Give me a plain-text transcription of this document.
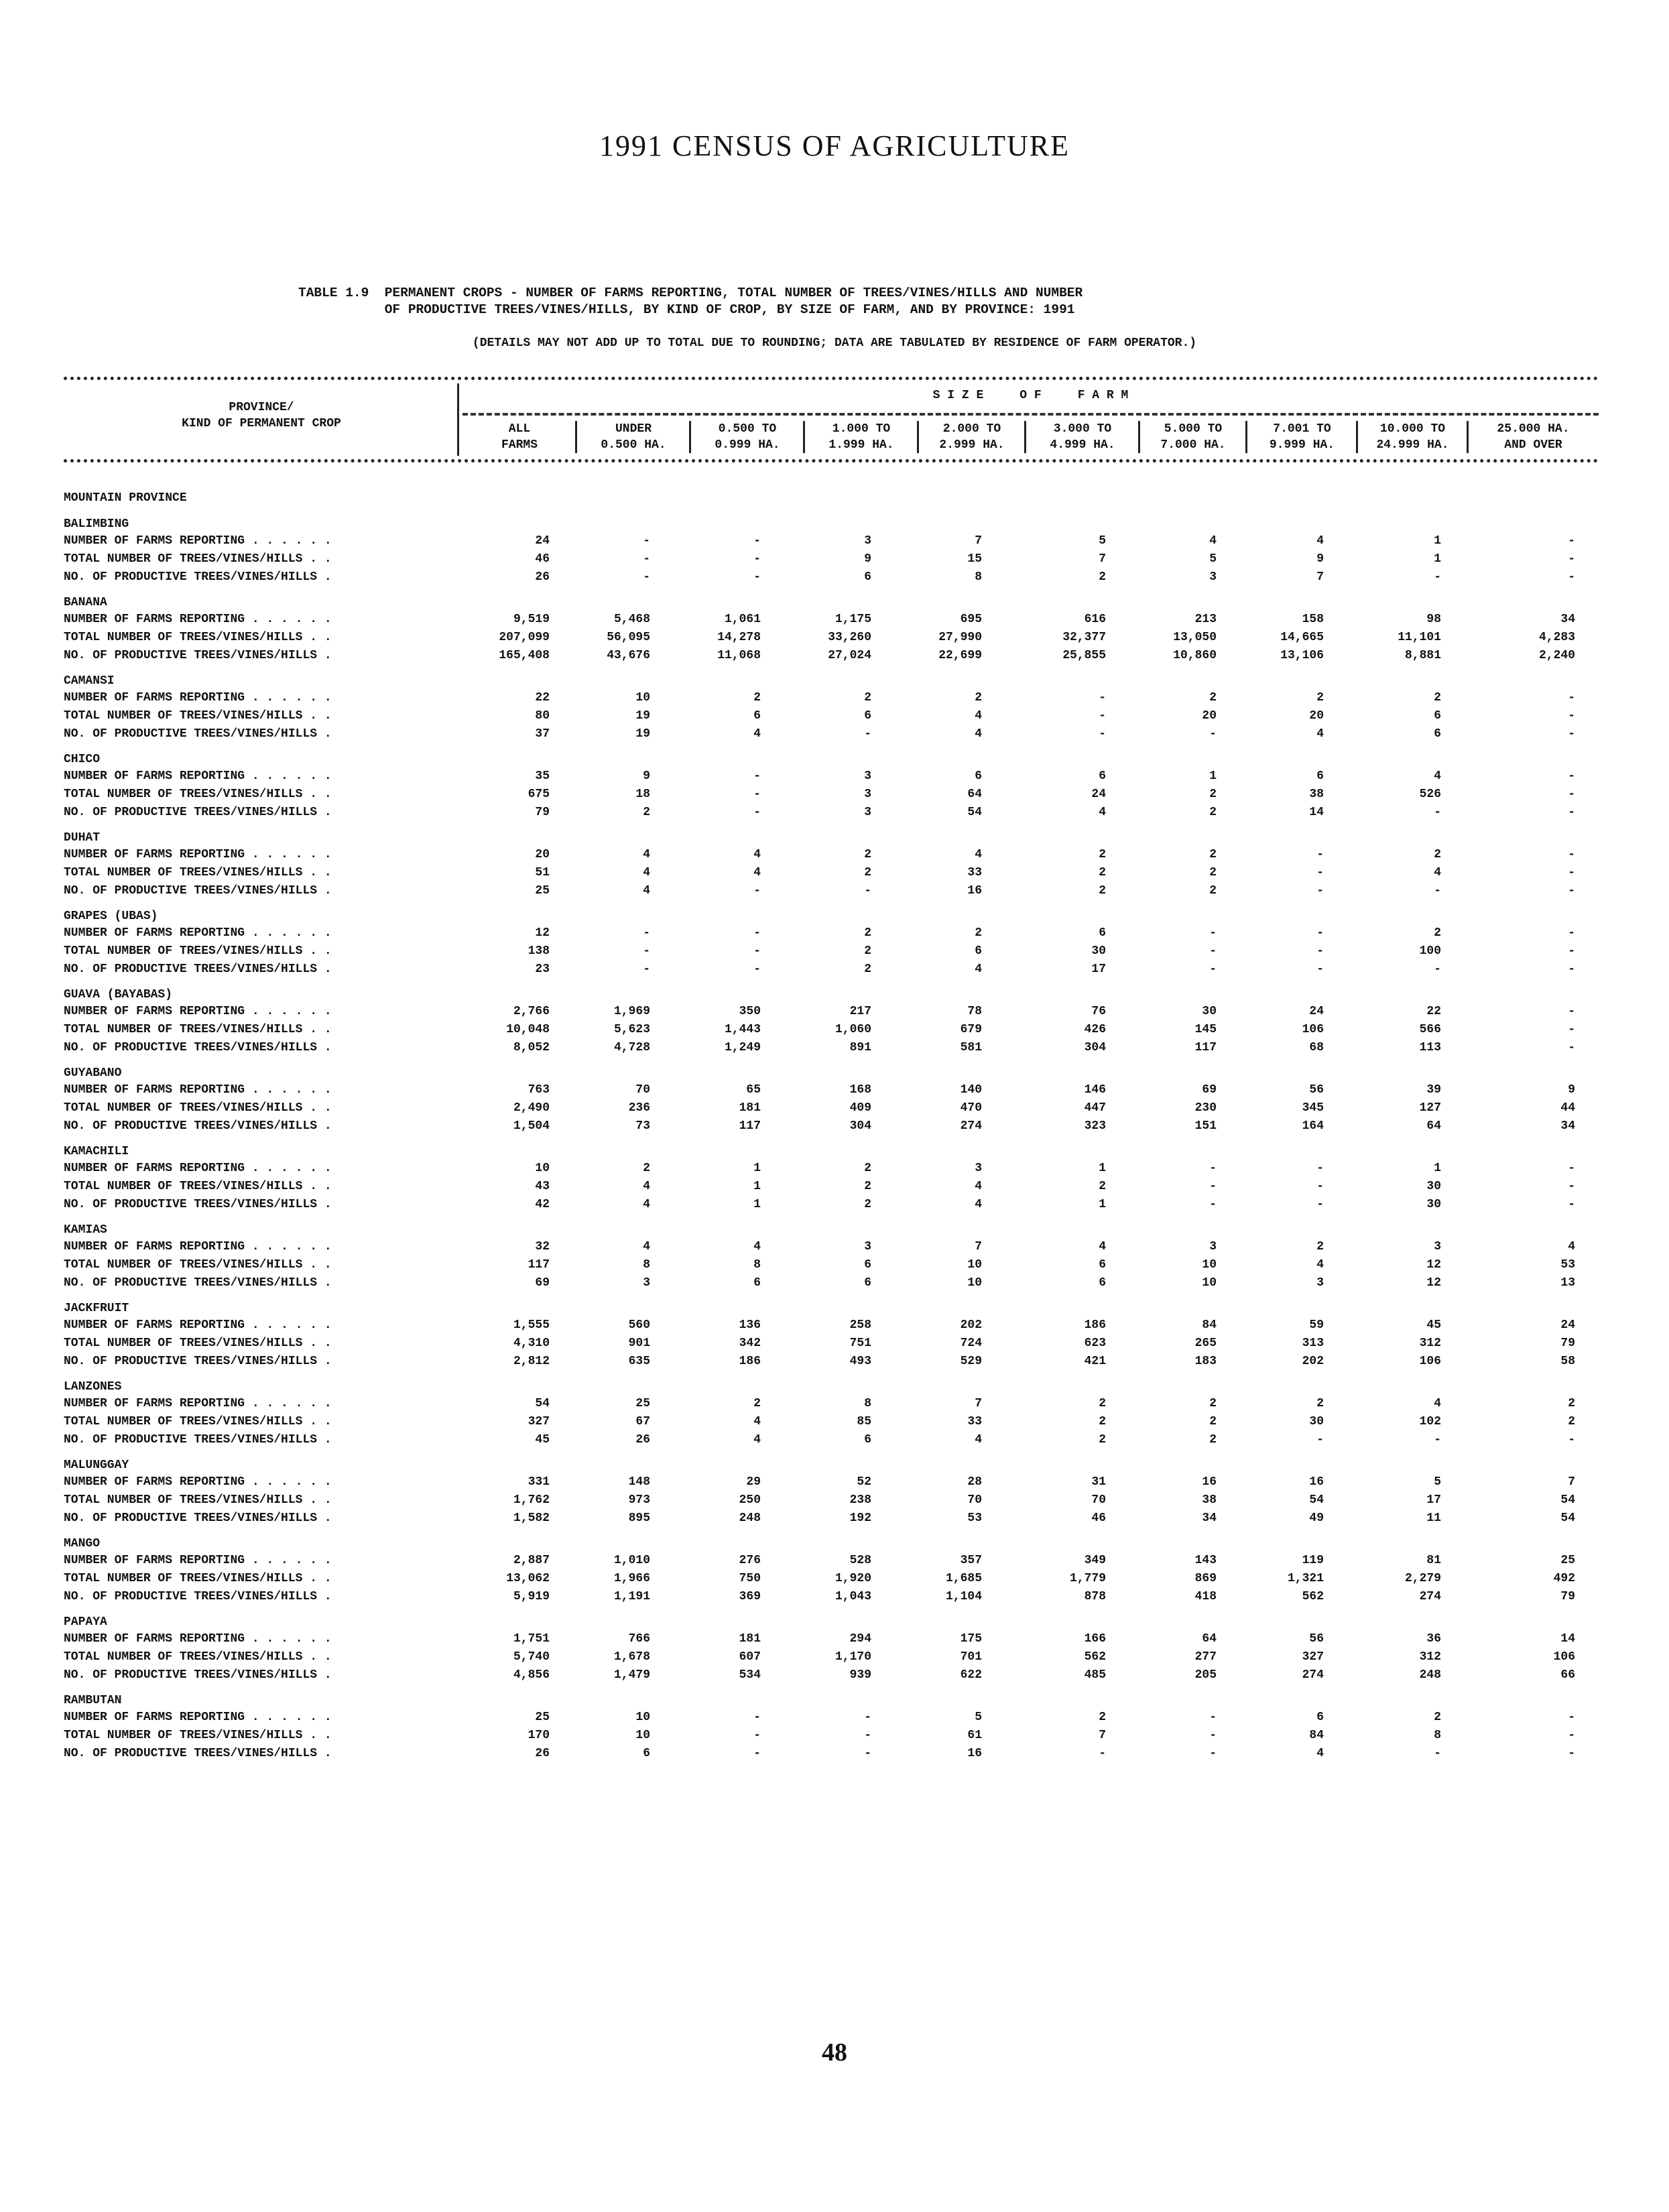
1991 CENSUS OF AGRICULTURE
TABLE 1.9  PERMANENT CROPS - NUMBER OF FARMS REPORTING, TOTAL NUMBER OF TREES/VINES/HILLS AND NUMBER
OF PRODUCTIVE TREES/VINES/HILLS, BY KIND OF CROP, BY SIZE OF FARM, AND BY PROVINCE: 1991
(DETAILS MAY NOT ADD UP TO TOTAL DUE TO ROUNDING; DATA ARE TABULATED BY RESIDENCE OF FARM OPERATOR.)
PROVINCE/
KIND OF PERMANENT CROP
S I Z E     O F     F A R M
ALL
FARMS
UNDER
0.500 HA.
0.500 TO
0.999 HA.
1.000 TO
1.999 HA.
2.000 TO
2.999 HA.
3.000 TO
4.999 HA.
5.000 TO
7.000 HA.
7.001 TO
9.999 HA.
10.000 TO
24.999 HA.
25.000 HA.
AND OVER
MOUNTAIN PROVINCE
BALIMBING
NUMBER OF FARMS REPORTING . . . . . .	24	-	-	3	7	5	4	4	1	-
TOTAL NUMBER OF TREES/VINES/HILLS . .	46	-	-	9	15	7	5	9	1	-
NO. OF PRODUCTIVE TREES/VINES/HILLS .	26	-	-	6	8	2	3	7	-	-
BANANA
NUMBER OF FARMS REPORTING . . . . . .	9,519	5,468	1,061	1,175	695	616	213	158	98	34
TOTAL NUMBER OF TREES/VINES/HILLS . .	207,099	56,095	14,278	33,260	27,990	32,377	13,050	14,665	11,101	4,283
NO. OF PRODUCTIVE TREES/VINES/HILLS .	165,408	43,676	11,068	27,024	22,699	25,855	10,860	13,106	8,881	2,240
CAMANSI
NUMBER OF FARMS REPORTING . . . . . .	22	10	2	2	2	-	2	2	2	-
TOTAL NUMBER OF TREES/VINES/HILLS . .	80	19	6	6	4	-	20	20	6	-
NO. OF PRODUCTIVE TREES/VINES/HILLS .	37	19	4	-	4	-	-	4	6	-
CHICO
NUMBER OF FARMS REPORTING . . . . . .	35	9	-	3	6	6	1	6	4	-
TOTAL NUMBER OF TREES/VINES/HILLS . .	675	18	-	3	64	24	2	38	526	-
NO. OF PRODUCTIVE TREES/VINES/HILLS .	79	2	-	3	54	4	2	14	-	-
DUHAT
NUMBER OF FARMS REPORTING . . . . . .	20	4	4	2	4	2	2	-	2	-
TOTAL NUMBER OF TREES/VINES/HILLS . .	51	4	4	2	33	2	2	-	4	-
NO. OF PRODUCTIVE TREES/VINES/HILLS .	25	4	-	-	16	2	2	-	-	-
GRAPES (UBAS)
NUMBER OF FARMS REPORTING . . . . . .	12	-	-	2	2	6	-	-	2	-
TOTAL NUMBER OF TREES/VINES/HILLS . .	138	-	-	2	6	30	-	-	100	-
NO. OF PRODUCTIVE TREES/VINES/HILLS .	23	-	-	2	4	17	-	-	-	-
GUAVA (BAYABAS)
NUMBER OF FARMS REPORTING . . . . . .	2,766	1,969	350	217	78	76	30	24	22	-
TOTAL NUMBER OF TREES/VINES/HILLS . .	10,048	5,623	1,443	1,060	679	426	145	106	566	-
NO. OF PRODUCTIVE TREES/VINES/HILLS .	8,052	4,728	1,249	891	581	304	117	68	113	-
GUYABANO
NUMBER OF FARMS REPORTING . . . . . .	763	70	65	168	140	146	69	56	39	9
TOTAL NUMBER OF TREES/VINES/HILLS . .	2,490	236	181	409	470	447	230	345	127	44
NO. OF PRODUCTIVE TREES/VINES/HILLS .	1,504	73	117	304	274	323	151	164	64	34
KAMACHILI
NUMBER OF FARMS REPORTING . . . . . .	10	2	1	2	3	1	-	-	1	-
TOTAL NUMBER OF TREES/VINES/HILLS . .	43	4	1	2	4	2	-	-	30	-
NO. OF PRODUCTIVE TREES/VINES/HILLS .	42	4	1	2	4	1	-	-	30	-
KAMIAS
NUMBER OF FARMS REPORTING . . . . . .	32	4	4	3	7	4	3	2	3	4
TOTAL NUMBER OF TREES/VINES/HILLS . .	117	8	8	6	10	6	10	4	12	53
NO. OF PRODUCTIVE TREES/VINES/HILLS .	69	3	6	6	10	6	10	3	12	13
JACKFRUIT
NUMBER OF FARMS REPORTING . . . . . .	1,555	560	136	258	202	186	84	59	45	24
TOTAL NUMBER OF TREES/VINES/HILLS . .	4,310	901	342	751	724	623	265	313	312	79
NO. OF PRODUCTIVE TREES/VINES/HILLS .	2,812	635	186	493	529	421	183	202	106	58
LANZONES
NUMBER OF FARMS REPORTING . . . . . .	54	25	2	8	7	2	2	2	4	2
TOTAL NUMBER OF TREES/VINES/HILLS . .	327	67	4	85	33	2	2	30	102	2
NO. OF PRODUCTIVE TREES/VINES/HILLS .	45	26	4	6	4	2	2	-	-	-
MALUNGGAY
NUMBER OF FARMS REPORTING . . . . . .	331	148	29	52	28	31	16	16	5	7
TOTAL NUMBER OF TREES/VINES/HILLS . .	1,762	973	250	238	70	70	38	54	17	54
NO. OF PRODUCTIVE TREES/VINES/HILLS .	1,582	895	248	192	53	46	34	49	11	54
MANGO
NUMBER OF FARMS REPORTING . . . . . .	2,887	1,010	276	528	357	349	143	119	81	25
TOTAL NUMBER OF TREES/VINES/HILLS . .	13,062	1,966	750	1,920	1,685	1,779	869	1,321	2,279	492
NO. OF PRODUCTIVE TREES/VINES/HILLS .	5,919	1,191	369	1,043	1,104	878	418	562	274	79
PAPAYA
NUMBER OF FARMS REPORTING . . . . . .	1,751	766	181	294	175	166	64	56	36	14
TOTAL NUMBER OF TREES/VINES/HILLS . .	5,740	1,678	607	1,170	701	562	277	327	312	106
NO. OF PRODUCTIVE TREES/VINES/HILLS .	4,856	1,479	534	939	622	485	205	274	248	66
RAMBUTAN
NUMBER OF FARMS REPORTING . . . . . .	25	10	-	-	5	2	-	6	2	-
TOTAL NUMBER OF TREES/VINES/HILLS . .	170	10	-	-	61	7	-	84	8	-
NO. OF PRODUCTIVE TREES/VINES/HILLS .	26	6	-	-	16	-	-	4	-	-
48
